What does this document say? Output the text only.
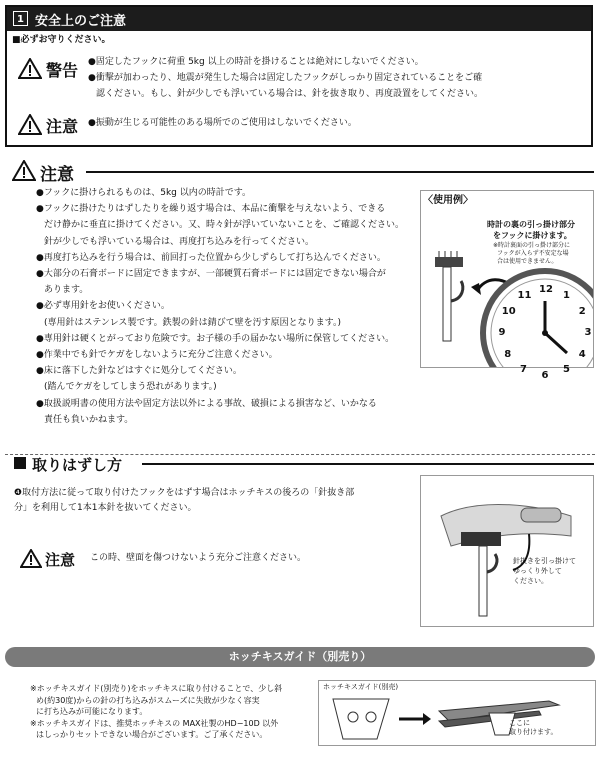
1 安全上のご注意
■必ずお守りください。
警告 ●固定したフックに荷重 5kg 以上の時計を掛けることは絶対にしないでください。
●衝撃が加わったり、地震が発生した場合は固定したフックがしっかり固定されていることをご確
認ください。もし、針が少しでも浮いている場合は、針を抜き取り、再度設置をしてください。
注意 ●振動が生じる可能性のある場所でのご使用はしないでください。
注意
●フックに掛けられるものは、5kg 以内の時計です。
●フックに掛けたりはずしたりを繰り返す場合は、本品に衝撃を与えないよう、できる
だけ静かに垂直に掛けてください。又、時々針が浮いていないことを、ご確認ください。
針が少しでも浮いている場合は、再度打ち込みを行ってください。
●再度打ち込みを行う場合は、前回打った位置から少しずらして打ち込んでください。
●大部分の石膏ボードに固定できますが、一部硬質石膏ボードには固定できない場合が
あります。
●必ず専用針をお使いください。
(専用針はステンレス製です。鉄製の針は錆びて壁を汚す原因となります。)
●専用針は硬くとがっており危険です。お子様の手の届かない場所に保管してください。
●作業中でも針でケガをしないように充分ご注意ください。
●床に落下した針などはすぐに処分してください。
(踏んでケガをしてしまう恐れがあります。)
●取扱説明書の使用方法や固定方法以外による事故、破損による損害など、いかなる
責任も負いかねます。
〈使用例〉
時計の裏の引っ掛け部分
をフックに掛けます。
※時計裏面の引っ掛け部分に
フックが入らず不安定な場
合は使用できません。
12
1
2
3
4
5
6
7
8
9
10
11
取りはずし方
❹取付方法に従って取り付けたフックをはずす場合はホッチキスの後ろの「針抜き部
分」を利用して1本1本針を抜いてください。
注意 この時、壁面を傷つけないよう充分ご注意ください。	針抜きを引っ掛けて
ゆっくり外して
ください。
ホッチキスガイド（別売り）
※ホッチキスガイド(別売り)をホッチキスに取り付けることで、少し斜
め(約30度)からの針の打ち込みがスムーズに失敗が少なく容実
に打ち込みが可能になります。
※ホッチキスガイドは、推奨ホッチキスの MAX社製のHD−10D 以外
はしっかりセットできない場合がございます。ご了承ください。
ホッチキスガイド(別売)
ここに
取り付けます。
